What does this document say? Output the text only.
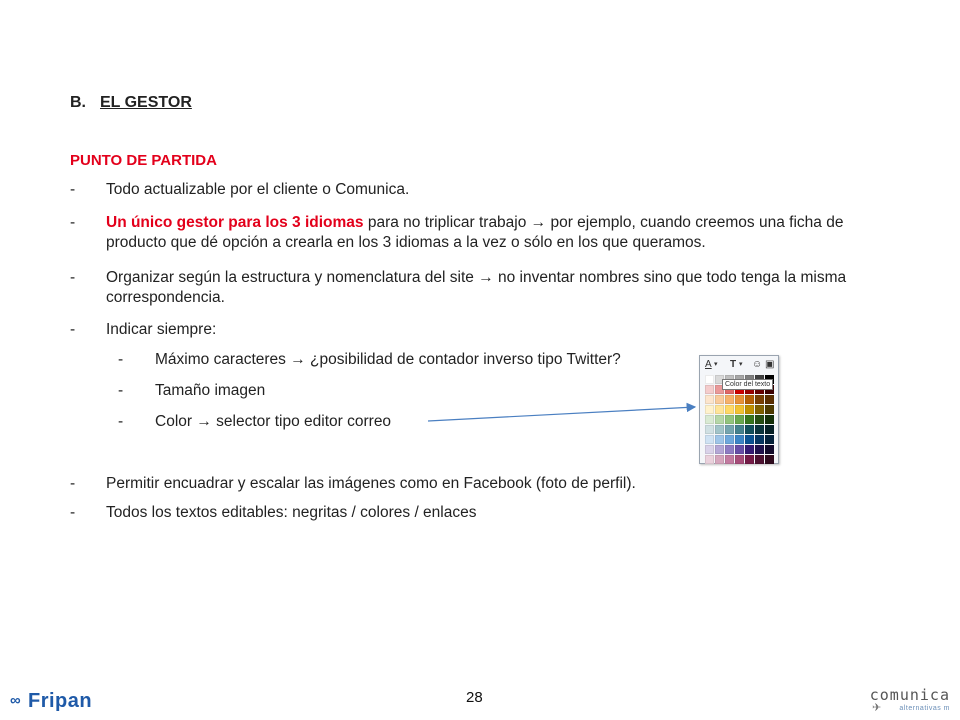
B. EL GESTOR
PUNTO DE PARTIDA
- Todo actualizable por el cliente o Comunica.
- Un único gestor para los 3 idiomas para no triplicar trabajo → por ejemplo, cuando creemos una ficha de producto que dé opción a crearla en los 3 idiomas a la vez o sólo en los que queramos.
- Organizar según la estructura y nomenclatura del site → no inventar nombres sino que todo tenga la misma correspondencia.
- Indicar siempre:
- Máximo caracteres → ¿posibilidad de contador inverso tipo Twitter?
- Tamaño imagen
- Color → selector tipo editor correo
- Permitir encuadrar y escalar las imágenes como en Facebook (foto de perfil).
- Todos los textos editables: negritas / colores / enlaces
A ▾ T ▾ ☺ ▣
Color del texto
∞ Fripan	28	comunica
alternativas m
✈
